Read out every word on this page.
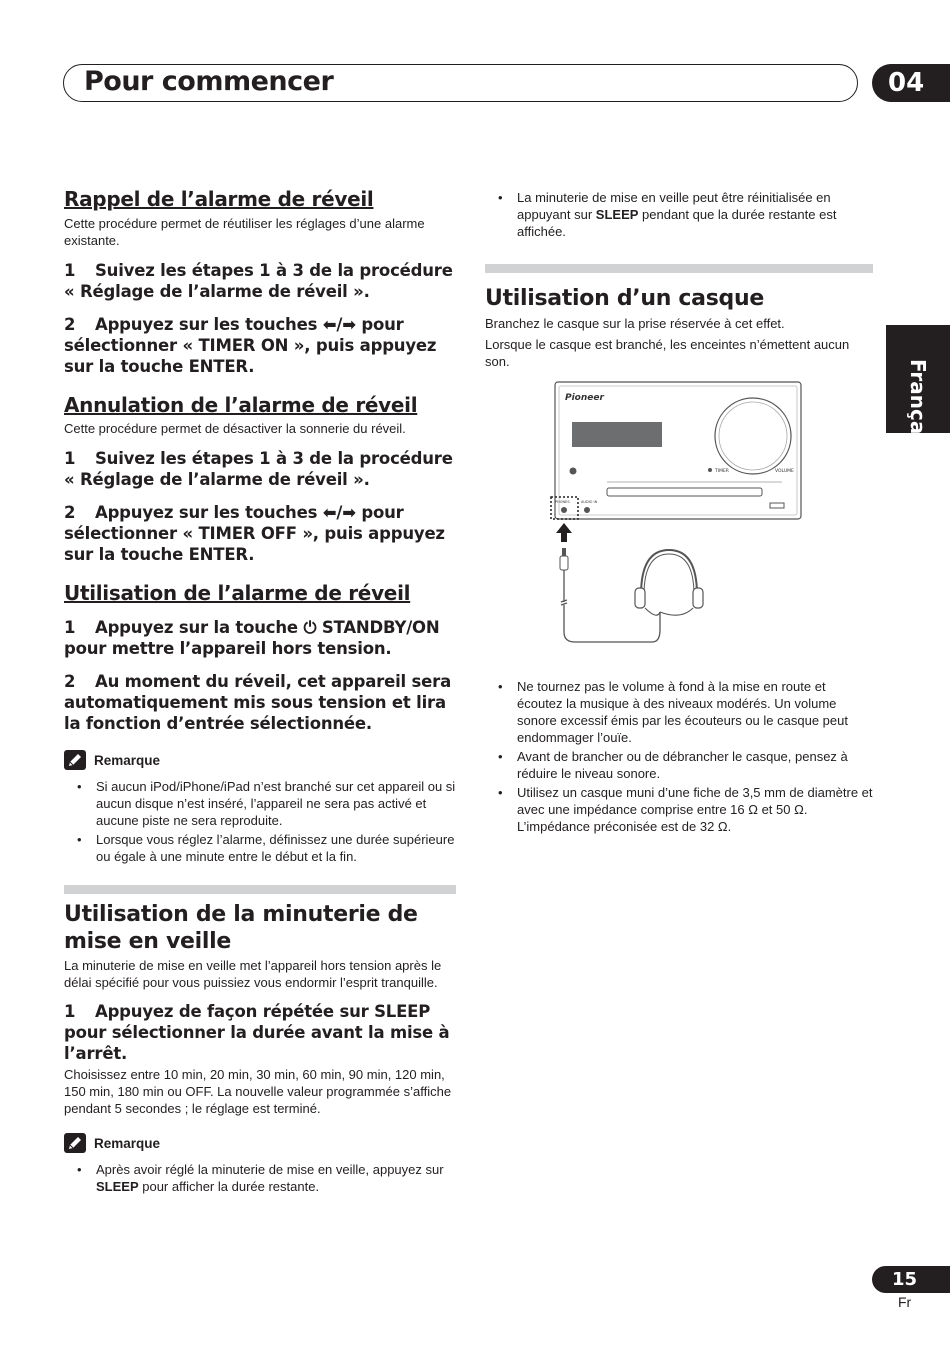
Pour commencer	04
Français
Rappel de l’alarme de réveil

Cette procédure permet de réutiliser les réglages d’une alarme existante.

1 Suivez les étapes 1 à 3 de la procédure « Réglage de l’alarme de réveil ».

2 Appuyez sur les touches ⬅/➡ pour sélectionner « TIMER ON », puis appuyez sur la touche ENTER.

Annulation de l’alarme de réveil

Cette procédure permet de désactiver la sonnerie du réveil.

1 Suivez les étapes 1 à 3 de la procédure « Réglage de l’alarme de réveil ».

2 Appuyez sur les touches ⬅/➡ pour sélectionner « TIMER OFF », puis appuyez sur la touche ENTER.

Utilisation de l’alarme de réveil

1 Appuyez sur la touche ⏻ STANDBY/ON pour mettre l’appareil hors tension.

2 Au moment du réveil, cet appareil sera automatiquement mis sous tension et lira la fonction d’entrée sélectionnée.

Remarque
• Si aucun iPod/iPhone/iPad n’est branché sur cet appareil ou si aucun disque n’est inséré, l’appareil ne sera pas activé et aucune piste ne sera reproduite.
• Lorsque vous réglez l’alarme, définissez une durée supérieure ou égale à une minute entre le début et la fin.
Utilisation de la minuterie de mise en veille

La minuterie de mise en veille met l’appareil hors tension après le délai spécifié pour vous puissiez vous endormir l’esprit tranquille.

1 Appuyez de façon répétée sur SLEEP pour sélectionner la durée avant la mise à l’arrêt.

Choisissez entre 10 min, 20 min, 30 min, 60 min, 90 min, 120 min, 150 min, 180 min ou OFF. La nouvelle valeur programmée s’affiche pendant 5 secondes ; le réglage est terminé.

Remarque
• Après avoir réglé la minuterie de mise en veille, appuyez sur SLEEP pour afficher la durée restante.
• La minuterie de mise en veille peut être réinitialisée en appuyant sur SLEEP pendant que la durée restante est affichée.
Utilisation d’un casque

Branchez le casque sur la prise réservée à cet effet.

Lorsque le casque est branché, les enceintes n’émettent aucun son.

Pioneer
TIMER	VOLUME
PHONES	AUDIO IN
• Ne tournez pas le volume à fond à la mise en route et écoutez la musique à des niveaux modérés. Un volume sonore excessif émis par les écouteurs ou le casque peut endommager l’ouïe.
• Avant de brancher ou de débrancher le casque, pensez à réduire le niveau sonore.
• Utilisez un casque muni d’une fiche de 3,5 mm de diamètre et avec une impédance comprise entre 16 Ω et 50 Ω. L’impédance préconisée est de 32 Ω.
15
Fr
